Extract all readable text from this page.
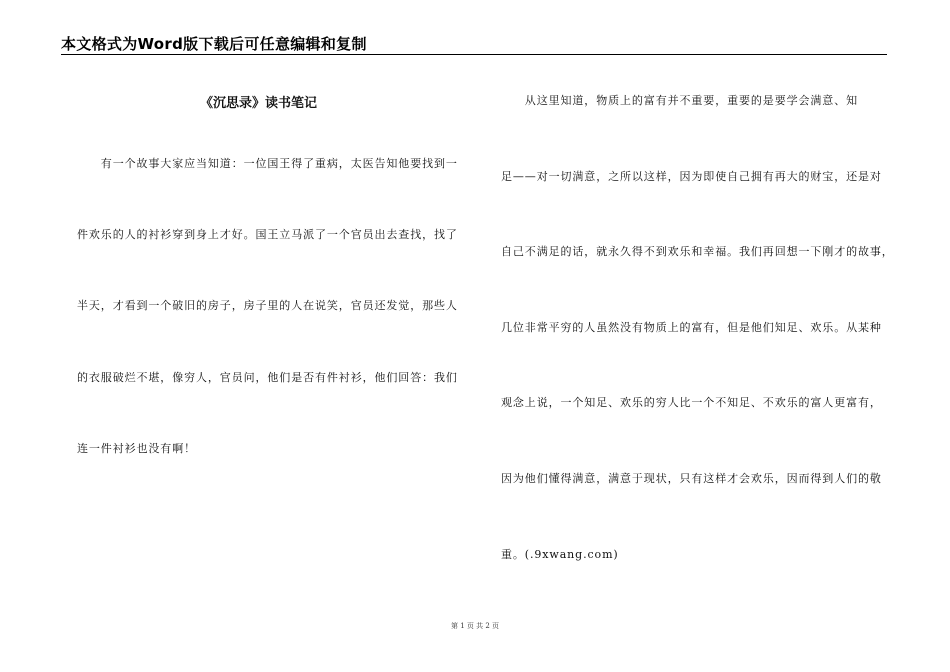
本文格式为Word版下载后可任意编辑和复制
《沉思录》读书笔记
　　有一个故事大家应当知道：一位国王得了重病，太医告知他要找到一
件欢乐的人的衬衫穿到身上才好。国王立马派了一个官员出去查找，找了
半天，才看到一个破旧的房子，房子里的人在说笑，官员还发觉，那些人
的衣服破烂不堪，像穷人，官员问，他们是否有件衬衫，他们回答：我们
连一件衬衫也没有啊！
　　从这里知道，物质上的富有并不重要，重要的是要学会满意、知
足——对一切满意，之所以这样，因为即使自己拥有再大的财宝，还是对
自己不满足的话，就永久得不到欢乐和幸福。我们再回想一下刚才的故事，
几位非常平穷的人虽然没有物质上的富有，但是他们知足、欢乐。从某种
观念上说，一个知足、欢乐的穷人比一个不知足、不欢乐的富人更富有，
因为他们懂得满意，满意于现状，只有这样才会欢乐，因而得到人们的敬
重。(.9xwang.com)
第 1 页 共 2 页
